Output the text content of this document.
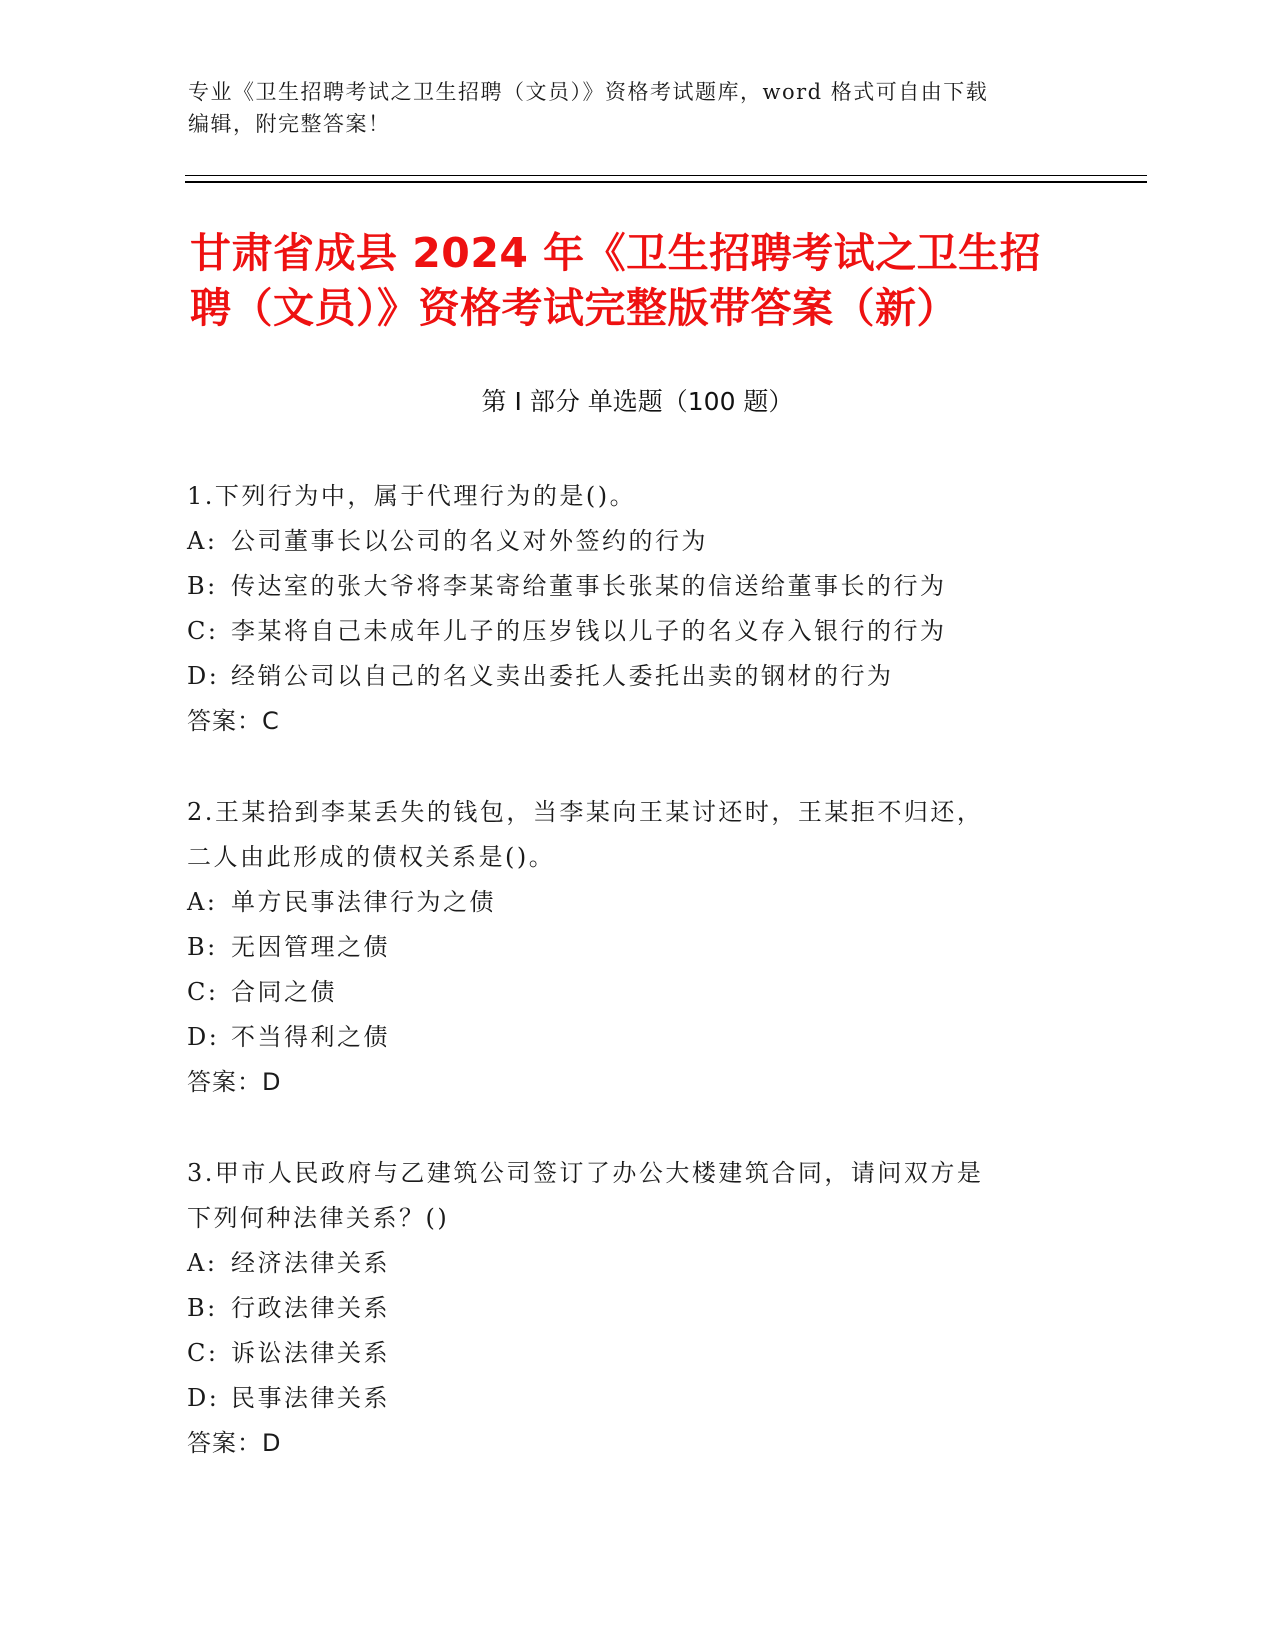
专业《卫生招聘考试之卫生招聘（文员）》资格考试题库，word 格式可自由下载
编辑，附完整答案！
甘肃省成县 2024 年《卫生招聘考试之卫生招
聘（文员）》资格考试完整版带答案（新）
第 I 部分 单选题（100 题）
1.下列行为中，属于代理行为的是()。
A: 公司董事长以公司的名义对外签约的行为
B: 传达室的张大爷将李某寄给董事长张某的信送给董事长的行为
C: 李某将自己未成年儿子的压岁钱以儿子的名义存入银行的行为
D: 经销公司以自己的名义卖出委托人委托出卖的钢材的行为
答案：C
2.王某拾到李某丢失的钱包，当李某向王某讨还时，王某拒不归还，
二人由此形成的债权关系是()。
A: 单方民事法律行为之债
B: 无因管理之债
C: 合同之债
D: 不当得利之债
答案：D
3.甲市人民政府与乙建筑公司签订了办公大楼建筑合同，请问双方是
下列何种法律关系？()
A: 经济法律关系
B: 行政法律关系
C: 诉讼法律关系
D: 民事法律关系
答案：D
